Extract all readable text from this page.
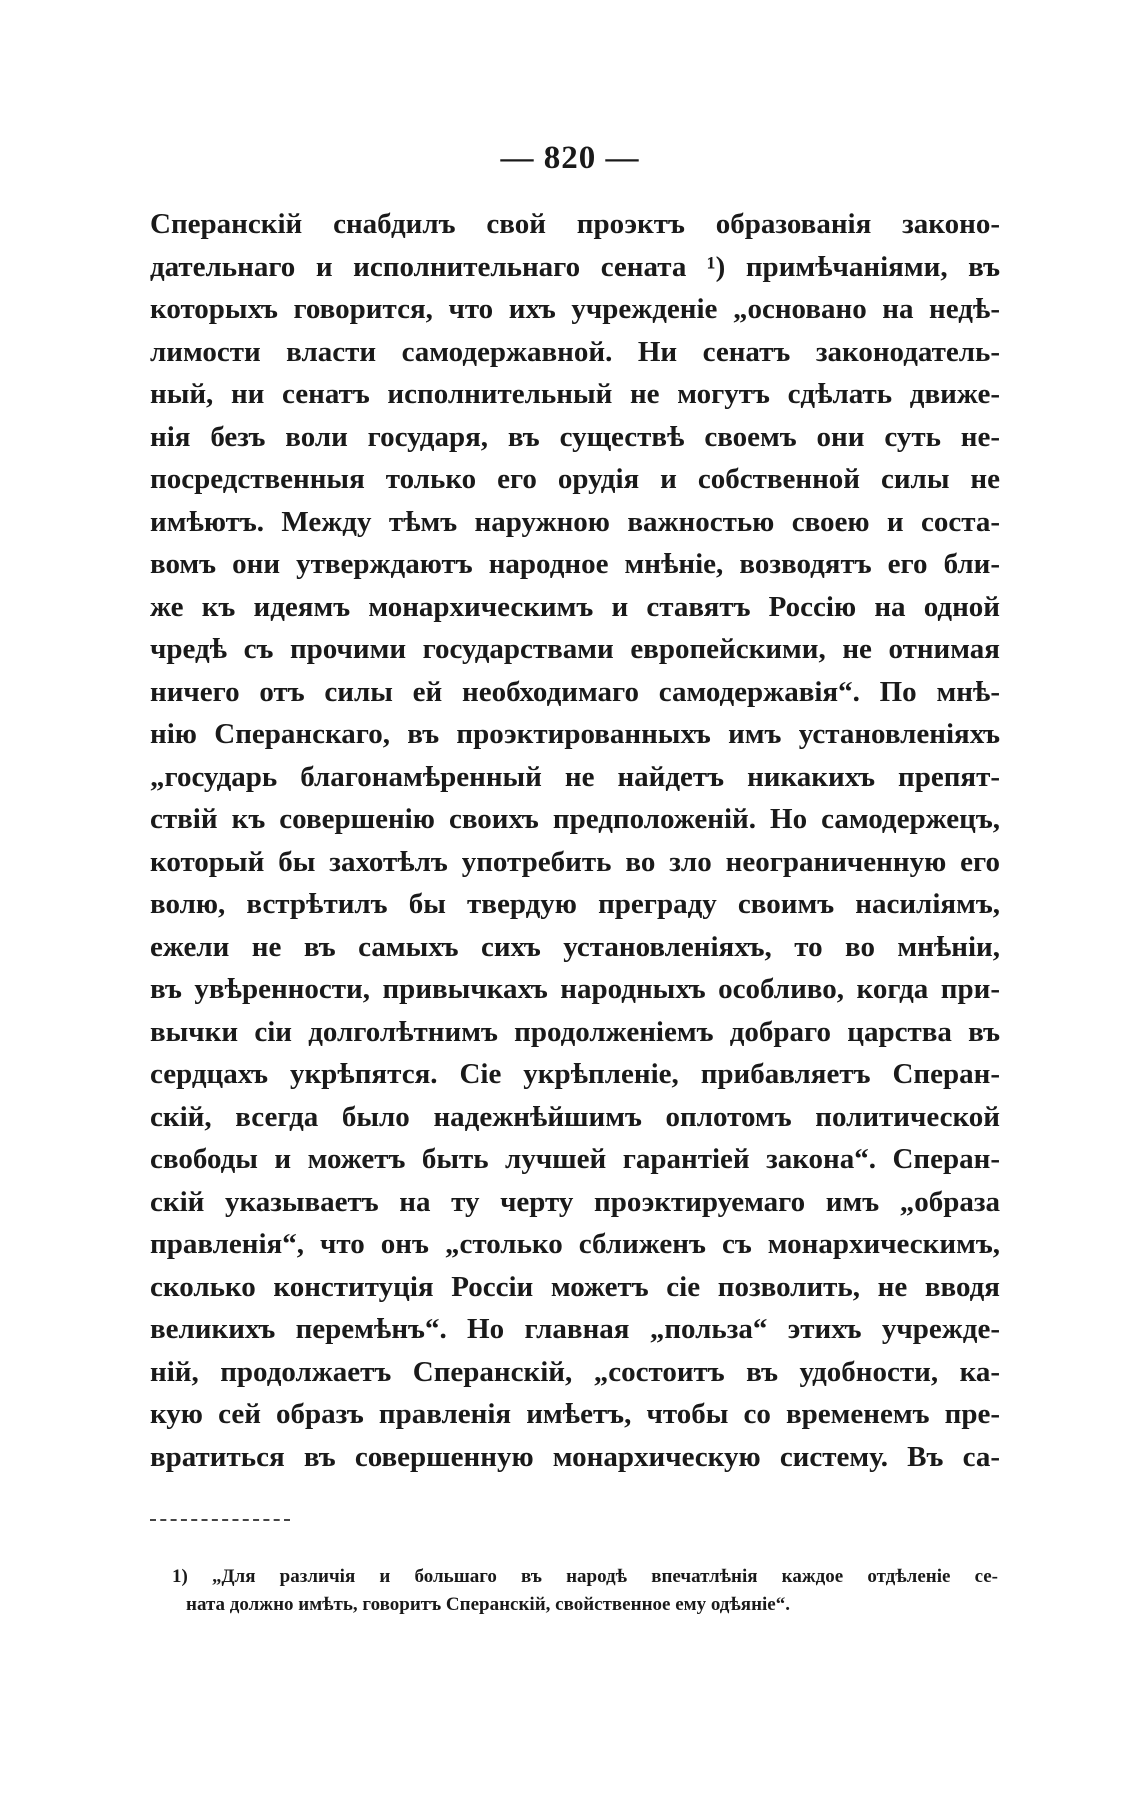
— 820 —
Сперанскій снабдилъ свой проэктъ образованія законо-
дательнаго и исполнительнаго сената ¹) примѣчаніями, въ
которыхъ говорится, что ихъ учрежденіе „основано на недѣ-
лимости власти самодержавной. Ни сенатъ законодатель-
ный, ни сенатъ исполнительный не могутъ сдѣлать движе-
нія безъ воли государя, въ существѣ своемъ они суть не-
посредственныя только его орудія и собственной силы не
имѣютъ. Между тѣмъ наружною важностью своею и соста-
вомъ они утверждаютъ народное мнѣніе, возводятъ его бли-
же къ идеямъ монархическимъ и ставятъ Россію на одной
чредѣ съ прочими государствами европейскими, не отнимая
ничего отъ силы ей необходимаго самодержавія“. По мнѣ-
нію Сперанскаго, въ проэктированныхъ имъ установленіяхъ
„государь благонамѣренный не найдетъ никакихъ препят-
ствій къ совершенію своихъ предположеній. Но самодержецъ,
который бы захотѣлъ употребить во зло неограниченную его
волю, встрѣтилъ бы твердую преграду своимъ насиліямъ,
ежели не въ самыхъ сихъ установленіяхъ, то во мнѣніи,
въ увѣренности, привычкахъ народныхъ особливо, когда при-
вычки сіи долголѣтнимъ продолженіемъ добраго царства въ
сердцахъ укрѣпятся. Сіе укрѣпленіе, прибавляетъ Сперан-
скій, всегда было надежнѣйшимъ оплотомъ политической
свободы и можетъ быть лучшей гарантіей закона“. Сперан-
скій указываетъ на ту черту проэктируемаго имъ „образа
правленія“, что онъ „столько сближенъ съ монархическимъ,
сколько конституція Россіи можетъ сіе позволить, не вводя
великихъ перемѣнъ“. Но главная „польза“ этихъ учрежде-
ній, продолжаетъ Сперанскій, „состоитъ въ удобности, ка-
кую сей образъ правленія имѣетъ, чтобы со временемъ пре-
вратиться въ совершенную монархическую систему. Въ са-
1) „Для различія и большаго въ народѣ впечатлѣнія каждое отдѣленіе се-
ната должно имѣть, говоритъ Сперанскій, свойственное ему одѣяніе“.
